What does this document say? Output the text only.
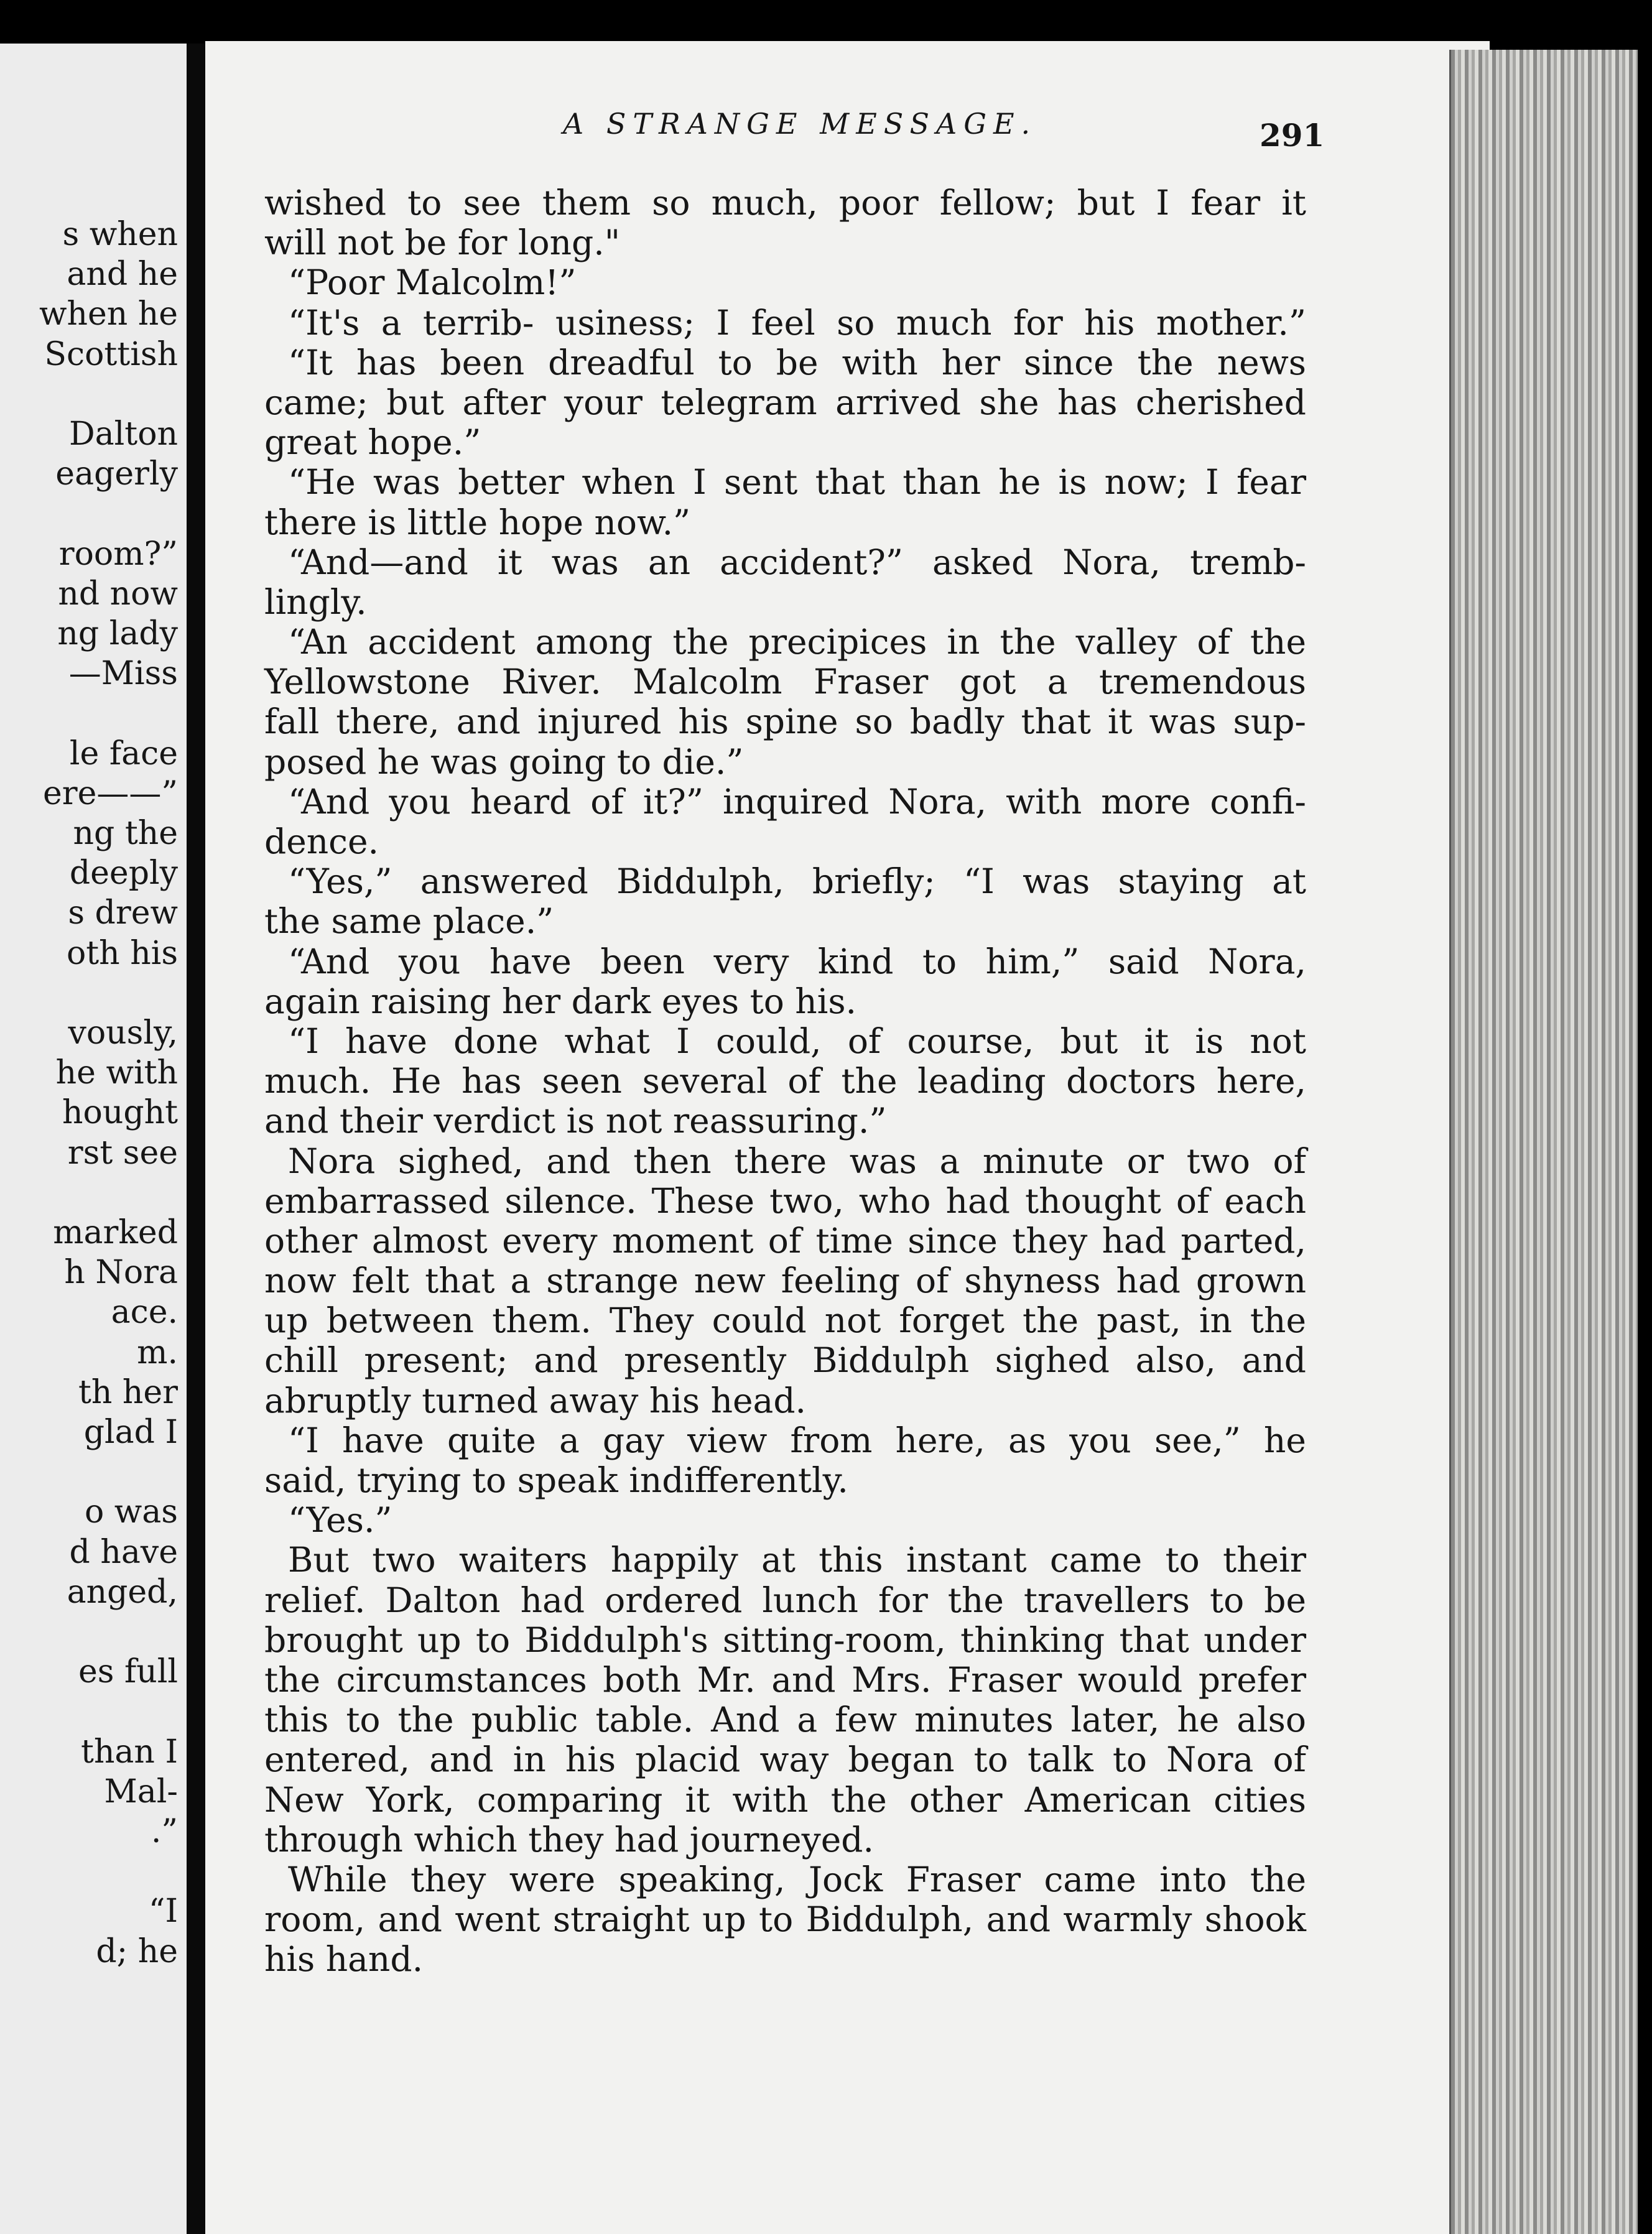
s when
and he
when he
Scottish
Dalton
eagerly
room?”
nd now
ng lady
—Miss
le face
ere——”
ng the
deeply
s drew
oth his
vously,
he with
hought
rst see
marked
h Nora
ace.
m.
th her
glad I
o was
d have
anged,
es full
than I
Mal-
.”
“I
d; he
A STRANGE MESSAGE.	291
wished to see them so much, poor fellow; but I fear it
will not be for long."
“Poor Malcolm!”
“It's a terrib‑ usiness; I feel so much for his mother.”
“It has been dreadful to be with her since the news
came; but after your telegram arrived she has cherished
great hope.”
“He was better when I sent that than he is now; I fear
there is little hope now.”
“And—and it was an accident?” asked Nora, tremb-
lingly.
“An accident among the precipices in the valley of the
Yellowstone River. Malcolm Fraser got a tremendous
fall there, and injured his spine so badly that it was sup-
posed he was going to die.”
“And you heard of it?” inquired Nora, with more confi-
dence.
“Yes,” answered Biddulph, briefly; “I was staying at
the same place.”
“And you have been very kind to him,” said Nora,
again raising her dark eyes to his.
“I have done what I could, of course, but it is not
much. He has seen several of the leading doctors here,
and their verdict is not reassuring.”
Nora sighed, and then there was a minute or two of
embarrassed silence. These two, who had thought of each
other almost every moment of time since they had parted,
now felt that a strange new feeling of shyness had grown
up between them. They could not forget the past, in the
chill present; and presently Biddulph sighed also, and
abruptly turned away his head.
“I have quite a gay view from here, as you see,” he
said, trying to speak indifferently.
“Yes.”
But two waiters happily at this instant came to their
relief. Dalton had ordered lunch for the travellers to be
brought up to Biddulph's sitting-room, thinking that under
the circumstances both Mr. and Mrs. Fraser would prefer
this to the public table. And a few minutes later, he also
entered, and in his placid way began to talk to Nora of
New York, comparing it with the other American cities
through which they had journeyed.
While they were speaking, Jock Fraser came into the
room, and went straight up to Biddulph, and warmly shook
his hand.
